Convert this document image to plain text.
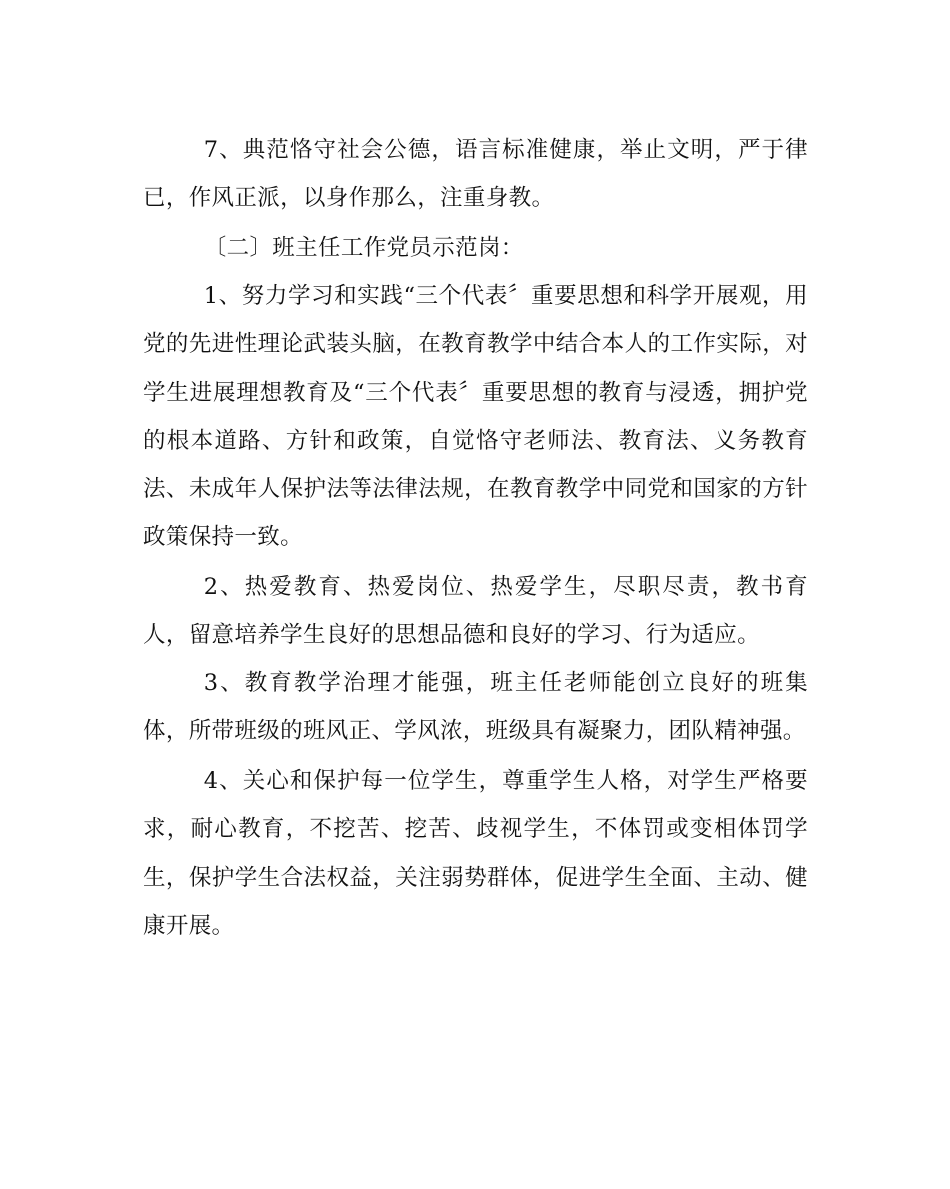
7、典范恪守社会公德，语言标准健康，举止文明，严于律已，作风正派，以身作那么，注重身教。

〔二〕班主任工作党员示范岗：

1、努力学习和实践“三个代表〞重要思想和科学开展观，用党的先进性理论武装头脑，在教育教学中结合本人的工作实际，对学生进展理想教育及“三个代表〞重要思想的教育与浸透，拥护党的根本道路、方针和政策，自觉恪守老师法、教育法、义务教育法、未成年人保护法等法律法规，在教育教学中同党和国家的方针政策保持一致。

2、热爱教育、热爱岗位、热爱学生，尽职尽责，教书育人，留意培养学生良好的思想品德和良好的学习、行为适应。

3、教育教学治理才能强，班主任老师能创立良好的班集体，所带班级的班风正、学风浓，班级具有凝聚力，团队精神强。

4、关心和保护每一位学生，尊重学生人格，对学生严格要求，耐心教育，不挖苦、挖苦、歧视学生，不体罚或变相体罚学生，保护学生合法权益，关注弱势群体，促进学生全面、主动、健康开展。
